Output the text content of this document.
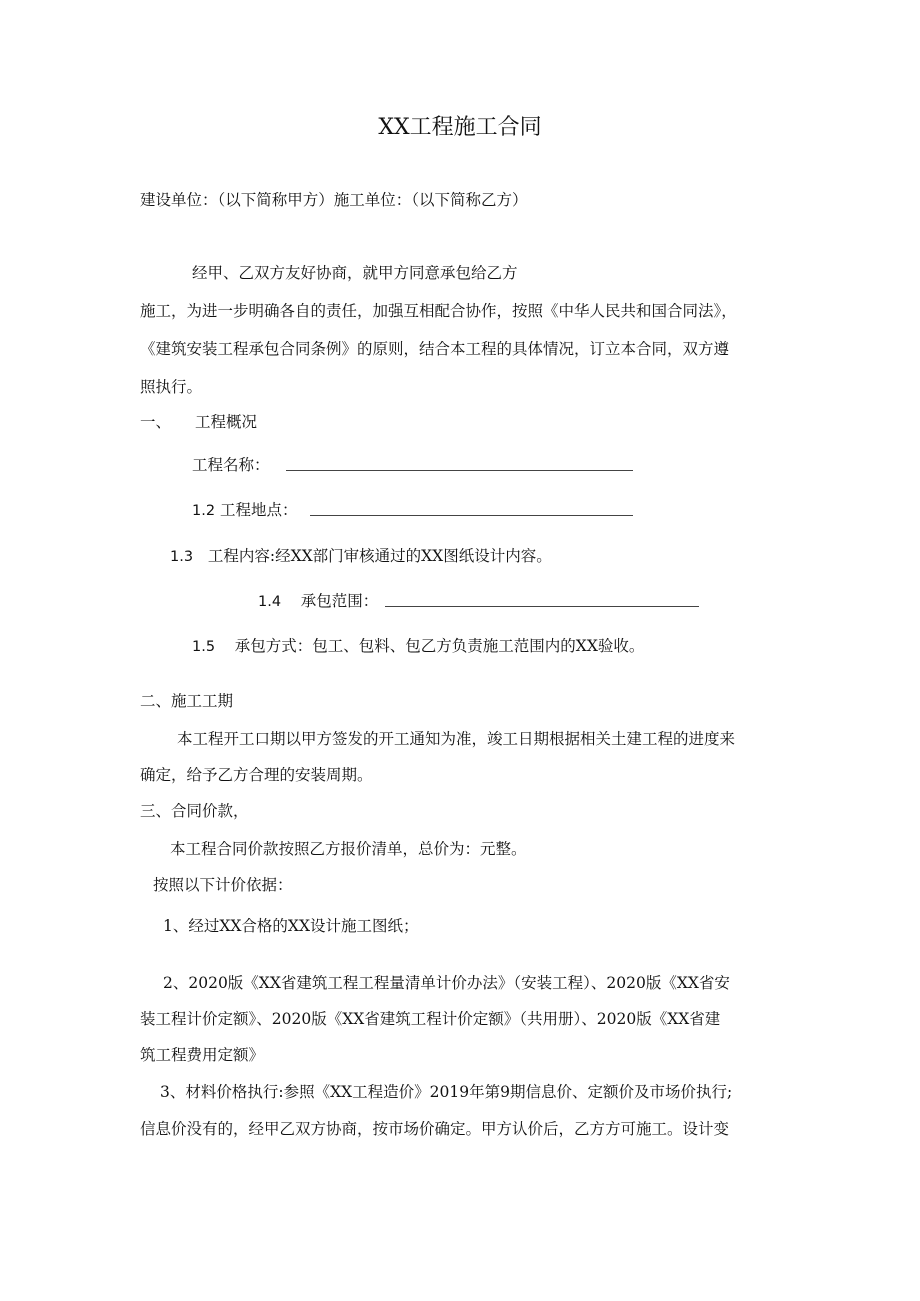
XX工程施工合同
建设单位：（以下简称甲方）施工单位：（以下简称乙方）
经甲、乙双方友好协商，就甲方同意承包给乙方
施工，为进一步明确各自的责任，加强互相配合协作，按照《中华人民共和国合同法》，
《建筑安装工程承包合同条例》的原则，结合本工程的具体情况，订立本合同，双方遵
照执行。
一、 工程概况
工程名称：
1.2 工程地点：
1.3 工程内容:经XX部门审核通过的XX图纸设计内容。
1.4 承包范围：
1.5 承包方式：包工、包料、包乙方负责施工范围内的XX验收。
二、施工工期
本工程开工口期以甲方签发的开工通知为准，竣工日期根据相关土建工程的进度来
确定，给予乙方合理的安装周期。
三、合同价款，
本工程合同价款按照乙方报价清单，总价为：元整。
按照以下计价依据：
1、经过XX合格的XX设计施工图纸；
2、2020版《XX省建筑工程工程量清单计价办法》（安装工程）、2020版《XX省安
装工程计价定额》、2020版《XX省建筑工程计价定额》（共用册）、2020版《XX省建
筑工程费用定额》
3、材料价格执行:参照《XX工程造价》2019年第9期信息价、定额价及市场价执行;
信息价没有的，经甲乙双方协商，按市场价确定。甲方认价后，乙方方可施工。设计变
